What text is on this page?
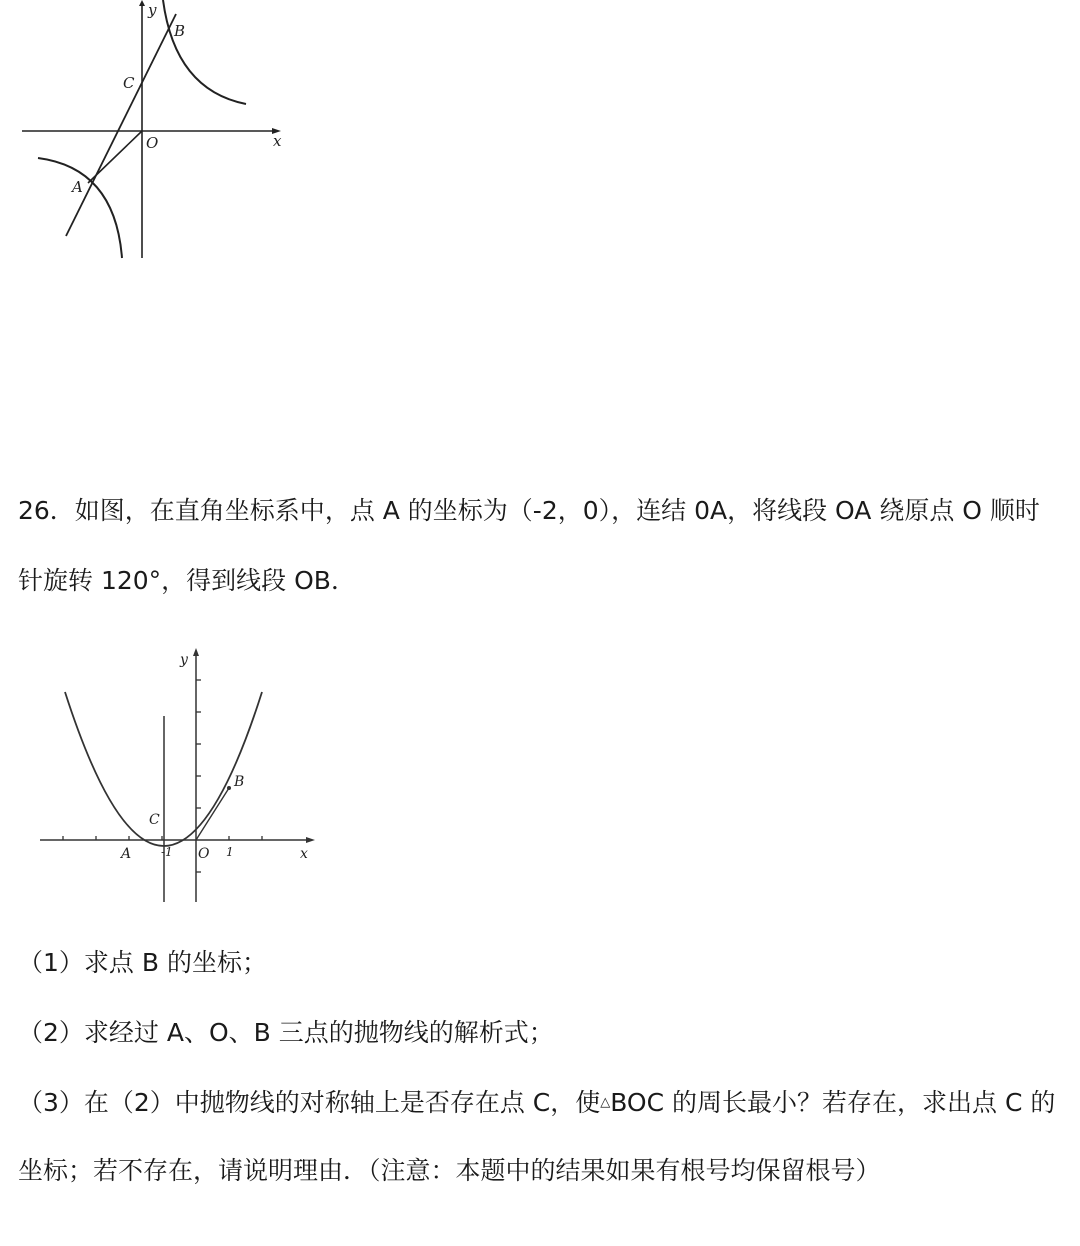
y
x
O
A
B
C
26．如图，在直角坐标系中，点 A 的坐标为（-2，0），连结 0A，将线段 OA 绕原点 O 顺时
针旋转 120°，得到线段 OB．
y
x
O
A
B
C
-1	1
（1）求点 B 的坐标；
（2）求经过 A、O、B 三点的抛物线的解析式；
（3）在（2）中抛物线的对称轴上是否存在点 C，使△BOC 的周长最小？若存在，求出点 C 的
坐标；若不存在，请说明理由．（注意：本题中的结果如果有根号均保留根号）
